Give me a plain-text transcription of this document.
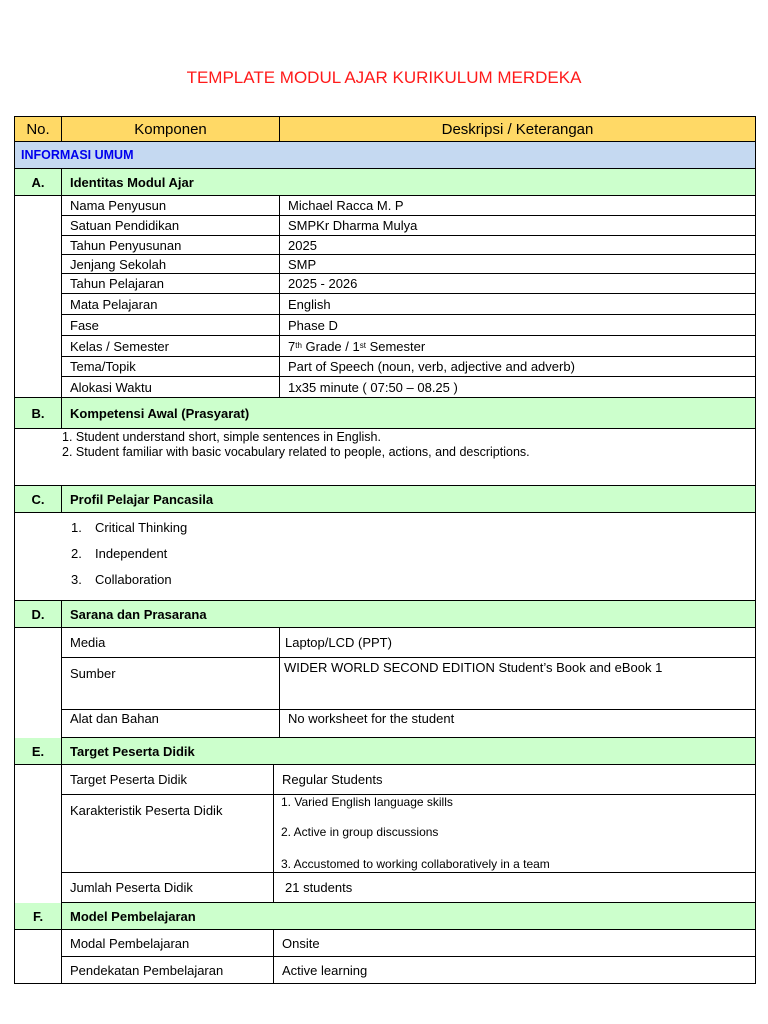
TEMPLATE MODUL AJAR KURIKULUM MERDEKA
No.	Komponen	Deskripsi / Keterangan
INFORMASI UMUM
A.	Identitas Modul Ajar
Nama Penyusun	Michael Racca M. P
Satuan Pendidikan	SMPKr Dharma Mulya
Tahun Penyusunan	2025
Jenjang Sekolah	SMP
Tahun Pelajaran	2025 - 2026
Mata Pelajaran	English
Fase	Phase D
Kelas / Semester	7 th Grade / 1 st Semester
Tema/Topik	Part of Speech (noun, verb, adjective and adverb)
Alokasi Waktu	1x35 minute ( 07:50 – 08.25 )
B.	Kompetensi Awal (Prasyarat)
1. Student understand short, simple sentences in English.
2. Student familiar with basic vocabulary related to people, actions, and descriptions.
C.	Profil Pelajar Pancasila
1. Critical Thinking
2. Independent
3. Collaboration
D.	Sarana dan Prasarana
Media	Laptop/LCD (PPT)
Sumber	WIDER WORLD SECOND EDITION Student’s Book and eBook 1
Alat dan Bahan	No worksheet for the student
E.	Target Peserta Didik
Target Peserta Didik	Regular Students
Karakteristik Peserta Didik
1. Varied English language skills
2. Active in group discussions
3. Accustomed to working collaboratively in a team
Jumlah Peserta Didik	21 students
F.	Model Pembelajaran
Modal Pembelajaran	Onsite
Pendekatan Pembelajaran	Active learning
